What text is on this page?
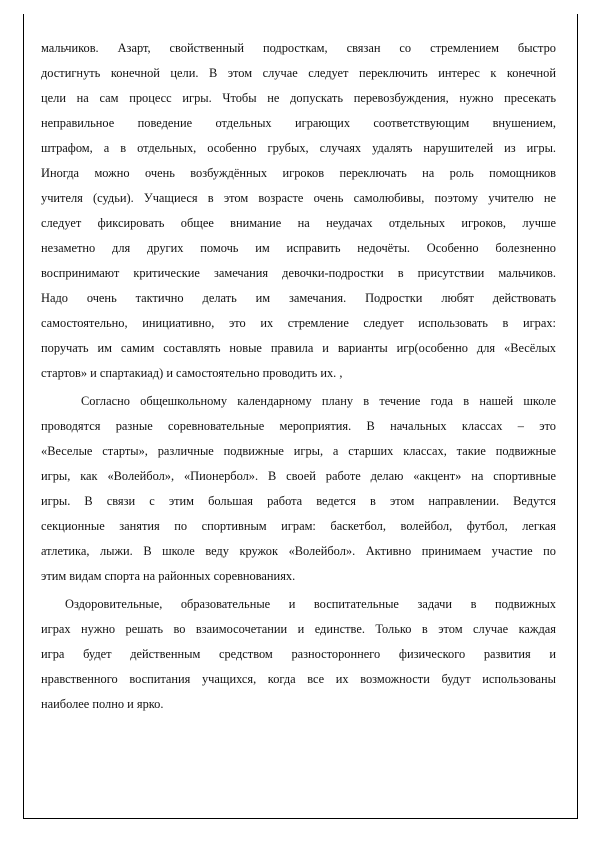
мальчиков. Азарт, свойственный подросткам, связан со стремлением быстро
достигнуть конечной цели. В этом случае следует переключить интерес к конечной
цели на сам процесс игры. Чтобы не допускать перевозбуждения, нужно пресекать
неправильное поведение отдельных играющих соответствующим внушением,
штрафом, а в отдельных, особенно грубых, случаях удалять нарушителей из игры.
Иногда можно очень возбуждённых игроков переключать на роль помощников
учителя (судьи). Учащиеся в этом возрасте очень самолюбивы, поэтому учителю не
следует фиксировать общее внимание на неудачах отдельных игроков, лучше
незаметно для других помочь им исправить недочёты. Особенно болезненно
воспринимают критические замечания девочки-подростки в присутствии мальчиков.
Надо очень тактично делать им замечания. Подростки любят действовать
самостоятельно, инициативно, это их стремление следует использовать в играх:
поручать им самим составлять новые правила и варианты игр(особенно для «Весёлых
стартов» и спартакиад) и самостоятельно проводить их. ,
Согласно общешкольному календарному плану в течение года в нашей школе
проводятся разные соревновательные мероприятия. В начальных классах – это
«Веселые старты», различные подвижные игры, а старших классах, такие подвижные
игры, как «Волейбол», «Пионербол». В своей работе делаю «акцент» на спортивные
игры. В связи с этим большая работа ведется в этом направлении. Ведутся
секционные занятия по спортивным играм: баскетбол, волейбол, футбол, легкая
атлетика, лыжи. В школе веду кружок «Волейбол». Активно принимаем участие по
этим видам спорта на районных соревнованиях.
Оздоровительные, образовательные и воспитательные задачи в подвижных
играх нужно решать во взаимосочетании и единстве. Только в этом случае каждая
игра будет действенным средством разностороннего физического развития и
нравственного воспитания учащихся, когда все их возможности будут использованы
наиболее полно и ярко.
